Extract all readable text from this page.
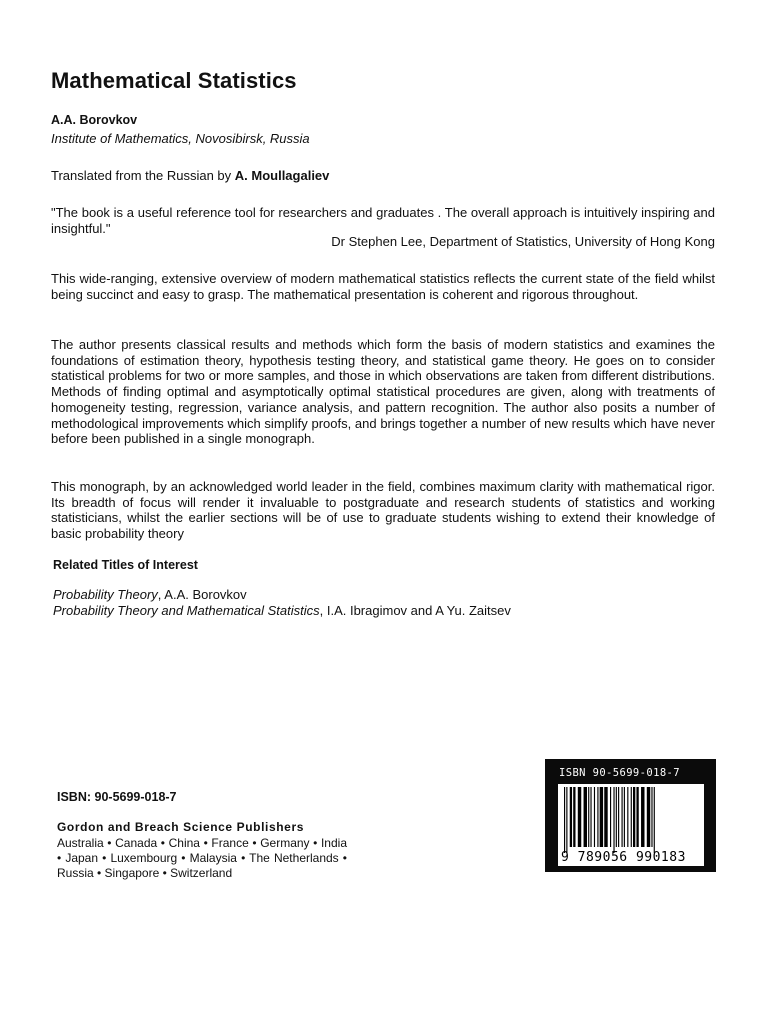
Mathematical Statistics
A.A. Borovkov
Institute of Mathematics, Novosibirsk, Russia
Translated from the Russian by A. Moullagaliev
"The book is a useful reference tool for researchers and graduates . The overall approach is intuitively inspiring and insightful."
Dr Stephen Lee, Department of Statistics, University of Hong Kong
This wide-ranging, extensive overview of modern mathematical statistics reflects the current state of the field whilst being succinct and easy to grasp. The mathematical presentation is coherent and rigorous throughout.
The author presents classical results and methods which form the basis of modern statistics and examines the foundations of estimation theory, hypothesis testing theory, and statistical game theory. He goes on to consider statistical problems for two or more samples, and those in which observations are taken from different distributions. Methods of finding optimal and asymptotically optimal statistical procedures are given, along with treatments of homogeneity testing, regression, variance analysis, and pattern recognition. The author also posits a number of methodological improvements which simplify proofs, and brings together a number of new results which have never before been published in a single monograph.
This monograph, by an acknowledged world leader in the field, combines maximum clarity with mathematical rigor. Its breadth of focus will render it invaluable to postgraduate and research students of statistics and working statisticians, whilst the earlier sections will be of use to graduate students wishing to extend their knowledge of basic probability theory
Related Titles of Interest
Probability Theory, A.A. Borovkov
Probability Theory and Mathematical Statistics, I.A. Ibragimov and A Yu. Zaitsev
ISBN: 90-5699-018-7
Gordon and Breach Science Publishers
Australia • Canada • China • France • Germany • India • Japan • Luxembourg • Malaysia • The Netherlands • Russia • Singapore • Switzerland
ISBN 90-5699-018-7
9 789056 990183
